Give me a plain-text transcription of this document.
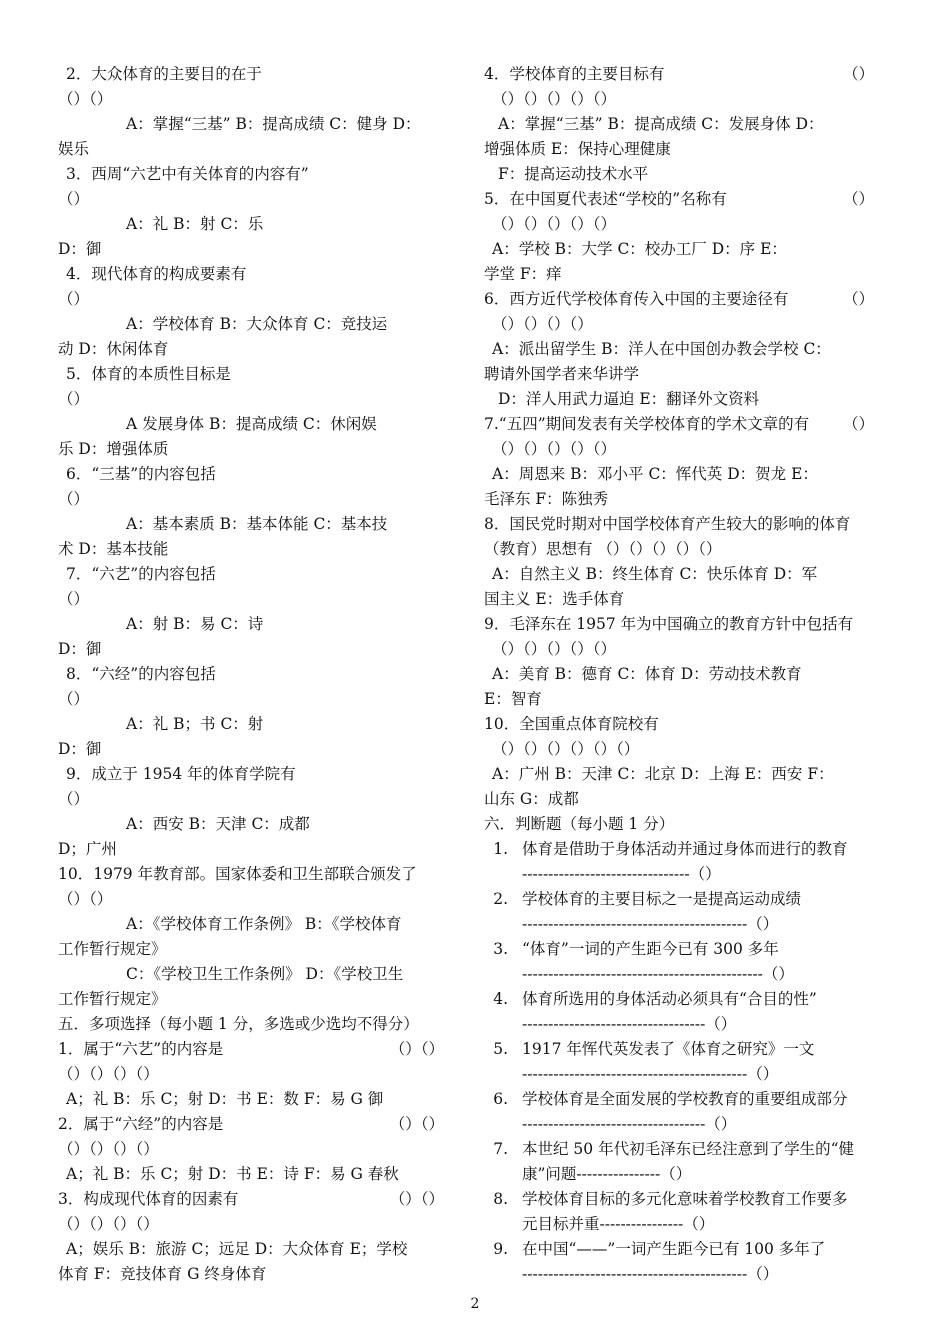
2．大众体育的主要目的在于
（）（）
A：掌握“三基” B：提高成绩 C：健身 D：
娱乐
3．西周“六艺中有关体育的内容有”
（）
A：礼 B：射 C：乐
D：御
4．现代体育的构成要素有
（）
A：学校体育 B：大众体育 C：竞技运
动 D：休闲体育
5．体育的本质性目标是
（）
A 发展身体 B：提高成绩 C：休闲娱
乐 D：增强体质
6．“三基”的内容包括
（）
A：基本素质 B：基本体能 C：基本技
术 D：基本技能
7．“六艺”的内容包括
（）
A：射 B：易 C：诗
D：御
8．“六经”的内容包括
（）
A：礼 B；书 C：射
D：御
9．成立于 1954 年的体育学院有
（）
A：西安 B：天津 C：成都
D；广州
10．1979 年教育部。国家体委和卫生部联合颁发了
（）（）
A：《学校体育工作条例》 B：《学校体育
工作暂行规定》
C：《学校卫生工作条例》 D：《学校卫生
工作暂行规定》
五．多项选择（每小题 1 分，多选或少选均不得分）
1．属于“六艺”的内容是	（）（）
（）（）（）（）
A；礼 B：乐 C；射 D：书 E：数 F：易 G 御
2．属于“六经”的内容是	（）（）
（）（）（）（）
A；礼 B：乐 C；射 D：书 E：诗 F：易 G 春秋
3．构成现代体育的因素有	（）（）
（）（）（）（）
A；娱乐 B：旅游 C；远足 D：大众体育 E；学校
体育 F：竞技体育 G 终身体育
4．学校体育的主要目标有	（）
（）（）（）（）（）
A：掌握“三基” B：提高成绩 C：发展身体 D：
增强体质 E：保持心理健康
F：提高运动技术水平
5．在中国夏代表述“学校的”名称有	（）
（）（）（）（）（）
A：学校 B：大学 C：校办工厂 D：序 E：
学堂 F：痒
6．西方近代学校体育传入中国的主要途径有	（）
（）（）（）（）
A：派出留学生 B：洋人在中国创办教会学校 C：
聘请外国学者来华讲学
D：洋人用武力逼迫 E：翻译外文资料
7.“五四”期间发表有关学校体育的学术文章的有 （）
（）（）（）（）（）
A：周恩来 B：邓小平 C：恽代英 D：贺龙 E：
毛泽东 F：陈独秀
8．国民党时期对中国学校体育产生较大的影响的体育
（教育）思想有 （）（）（）（）（）
A：自然主义 B：终生体育 C：快乐体育 D：军
国主义 E：选手体育
9．毛泽东在 1957 年为中国确立的教育方针中包括有
（）（）（）（）（）
A：美育 B：德育 C：体育 D：劳动技术教育
E：智育
10．全国重点体育院校有
（）（）（）（）（）（）
A：广州 B：天津 C：北京 D：上海 E：西安 F：
山东 G：成都
六．判断题（每小题 1 分）
1. 体育是借助于身体活动并通过身体而进行的教育
--------------------------------（）
2. 学校体育的主要目标之一是提高运动成绩
-------------------------------------------（）
3. “体育”一词的产生距今已有 300 多年
----------------------------------------------（）
4. 体育所选用的身体活动必须具有“合目的性”
-----------------------------------（）
5. 1917 年恽代英发表了《体育之研究》一文
-------------------------------------------（）
6. 学校体育是全面发展的学校教育的重要组成部分
-----------------------------------（）
7. 本世纪 50 年代初毛泽东已经注意到了学生的“健
康”问题----------------（）
8. 学校体育目标的多元化意味着学校教育工作要多
元目标并重----------------（）
9. 在中国“——”一词产生距今已有 100 多年了
-------------------------------------------（）
2
